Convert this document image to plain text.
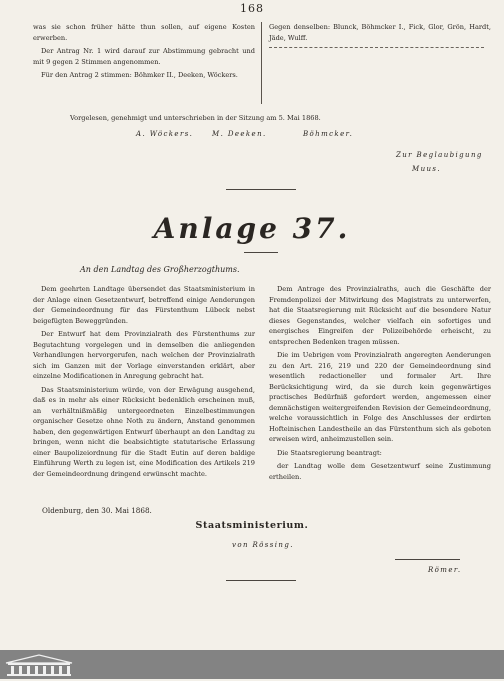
168

was sie schon früher hätte thun sollen, auf eigene Kosten erwerben.

Der Antrag Nr. 1 wird darauf zur Abstimmung gebracht und mit 9 gegen 2 Stimmen angenommen.

Für den Antrag 2 stimmen: Böhmker II., Deeken, Wöckers.

Gegen denselben: Blunck, Böhmcker I., Fick, Glor, Grön, Hardt, Jäde, Wulff.

Vorgelesen, genehmigt und unterschrieben in der Sitzung am 5. Mai 1868.
A. Wöckers.	M. Deeken.	Böhmcker.
Zur Beglaubigung
Muus.
Anlage 37.
An den Landtag des Großherzogthums.

Dem geehrten Landtage übersendet das Staatsministerium in der Anlage einen Gesetzentwurf, betreffend einige Aenderungen der Gemeindeordnung für das Fürstenthum Lübeck nebst beigefügten Beweggründen.

Der Entwurf hat dem Provinzialrath des Fürstenthums zur Begutachtung vorgelegen und in demselben die anliegenden Verhandlungen hervorgerufen, nach welchen der Provinzialrath sich im Ganzen mit der Vorlage einverstanden erklärt, aber einzelne Modificationen in Anregung gebracht hat.

Das Staatsministerium würde, von der Erwägung ausgehend, daß es in mehr als einer Rücksicht bedenklich erscheinen muß, an verhältnißmäßig untergeordneten Einzelbestimmungen organischer Gesetze ohne Noth zu ändern, Anstand genommen haben, den gegenwärtigen Entwurf überhaupt an den Landtag zu bringen, wenn nicht die beabsichtigte statutarische Erlassung einer Baupolizeiordnung für die Stadt Eutin auf deren baldige Einführung Werth zu legen ist, eine Modification des Artikels 219 der Gemeindeordnung dringend erwünscht machte.

Dem Antrage des Provinzialraths, auch die Geschäfte der Fremdenpolizei der Mitwirkung des Magistrats zu unterwerfen, hat die Staatsregierung mit Rücksicht auf die besondere Natur dieses Gegenstandes, welcher vielfach ein sofortiges und energisches Eingreifen der Polizeibehörde erheischt, zu entsprechen Bedenken tragen müssen.

Die im Uebrigen vom Provinzialrath angeregten Aenderungen zu den Art. 216, 219 und 220 der Gemeindeordnung sind wesentlich redactioneller und formaler Art. Ihre Berücksichtigung wird, da sie durch kein gegenwärtiges practisches Bedürfniß gefordert werden, angemessen einer demnächstigen weitergreifenden Revision der Gemeindeordnung, welche voraussichtlich in Folge des Anschlusses der erdirten Hofteinischen Landestheile an das Fürstenthum sich als geboten erweisen wird, anheimzustellen sein.

Die Staatsregierung beantragt:

der Landtag wolle dem Gesetzentwurf seine Zustimmung ertheilen.

Oldenburg, den 30. Mai 1868.
Staatsministerium.
von Rössing.
Römer.
